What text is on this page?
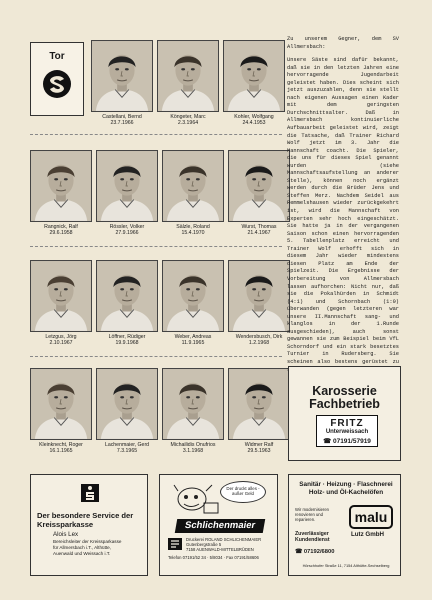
Tor
Castellani, Bernd
23.7.1966
Köngeter, Marc
2.3.1964
Kohler, Wolfgang
24.4.1953
Rangnick, Ralf
29.6.1958
Rössler, Volker
27.9.1966
Sälzle, Roland
15.4.1970
Wurst, Thomas
21.4.1967
Letzgus, Jörg
2.10.1967
Löffner, Rüdiger
19.9.1968
Weber, Andreas
11.9.1965
Wendersbusch, Dirk
1.2.1968
Kleinknecht, Roger
16.1.1965
Lachenmaier, Gerd
7.3.1965
Michailidis Onufrios
3.1.1968
Widmer Ralf
29.5.1963
Zu unserem Gegner, dem SV Allmersbach:
Unsere Säste sind dafür bekannt, daß sie in den letzten Jahren eine hervorragende Jugendarbeit geleistet haben. Dies scheint sich jetzt auszuzahlen, denn sie stellt nach eigenen Aussagen einen Kader mit dem geringsten Durchschnittsalter. Daß in Allmersbach kontinuierliche Aufbauarbeit geleistet wird, zeigt die Tatsache, daß Trainer Richard Wolf jetzt im 3. Jahr die Mannschaft coacht. Die Spieler, die uns für dieses Spiel genannt wurden (siehe Mannschaftsaufstellung an anderer Stelle), können noch ergänzt werden durch die Brüder Jens und Steffen Merz. Nachdem Seidel aus Remmelshausen wieder zurückgekehrt ist, wird die Mannschaft von Experten sehr hoch eingeschätzt. Sie hatte ja in der vergangenen Saison schon einen hervorragenden 5. Tabellenplatz erreicht und Trainer Wolf erhofft sich in diesem Jahr wieder mindestens diesen Platz am Ende der Spielzeit. Die Ergebnisse der Vorbereitung von Allmersbach lassen aufhorchen: Nicht nur, daß sie die Pokalhürden in Schmidt (4:1) und Schornbach (1:0) überwanden (gegen letzteren war unsere II.Mannschaft sang- und klanglos in der 1.Runde ausgeschieden), auch sonst gewannen sie zum Beispiel beim VfL Schorndorf und ein stark besetztes Turnier in Rudersberg. Sie scheinen also bestens gerüstet zu
Karosserie
Fachbetrieb
FRITZ
Unterweissach
☎ 07191/57919
Der besondere Service der Kreissparkasse
Alois Lex
Bereichsleiter der Kreissparkasse
für Allmersbach i.T., Althütte,
Auenwald und Weissach i.T.
Der druckt alles - außer Geld
Schlichenmaier
Druckerei ROLAND SCHLICHENMAIER
Gutenbergstraße 5
7158 AUENWALD-MITTELBRÜDEN
Telefon 07191/52 34 · 5/8034 · Fax 07191/58606
Sanitär · Heizung · Flaschnerei Holz- und Öl-Kachelöfen
Wir modernisieren
renovieren und
reparieren.
Zuverlässiger
Kundendienst
☎ 07192/6800
malu
Lutz GmbH
Hörschhofer Straße 11, 7154 Althütte-Sechselberg
